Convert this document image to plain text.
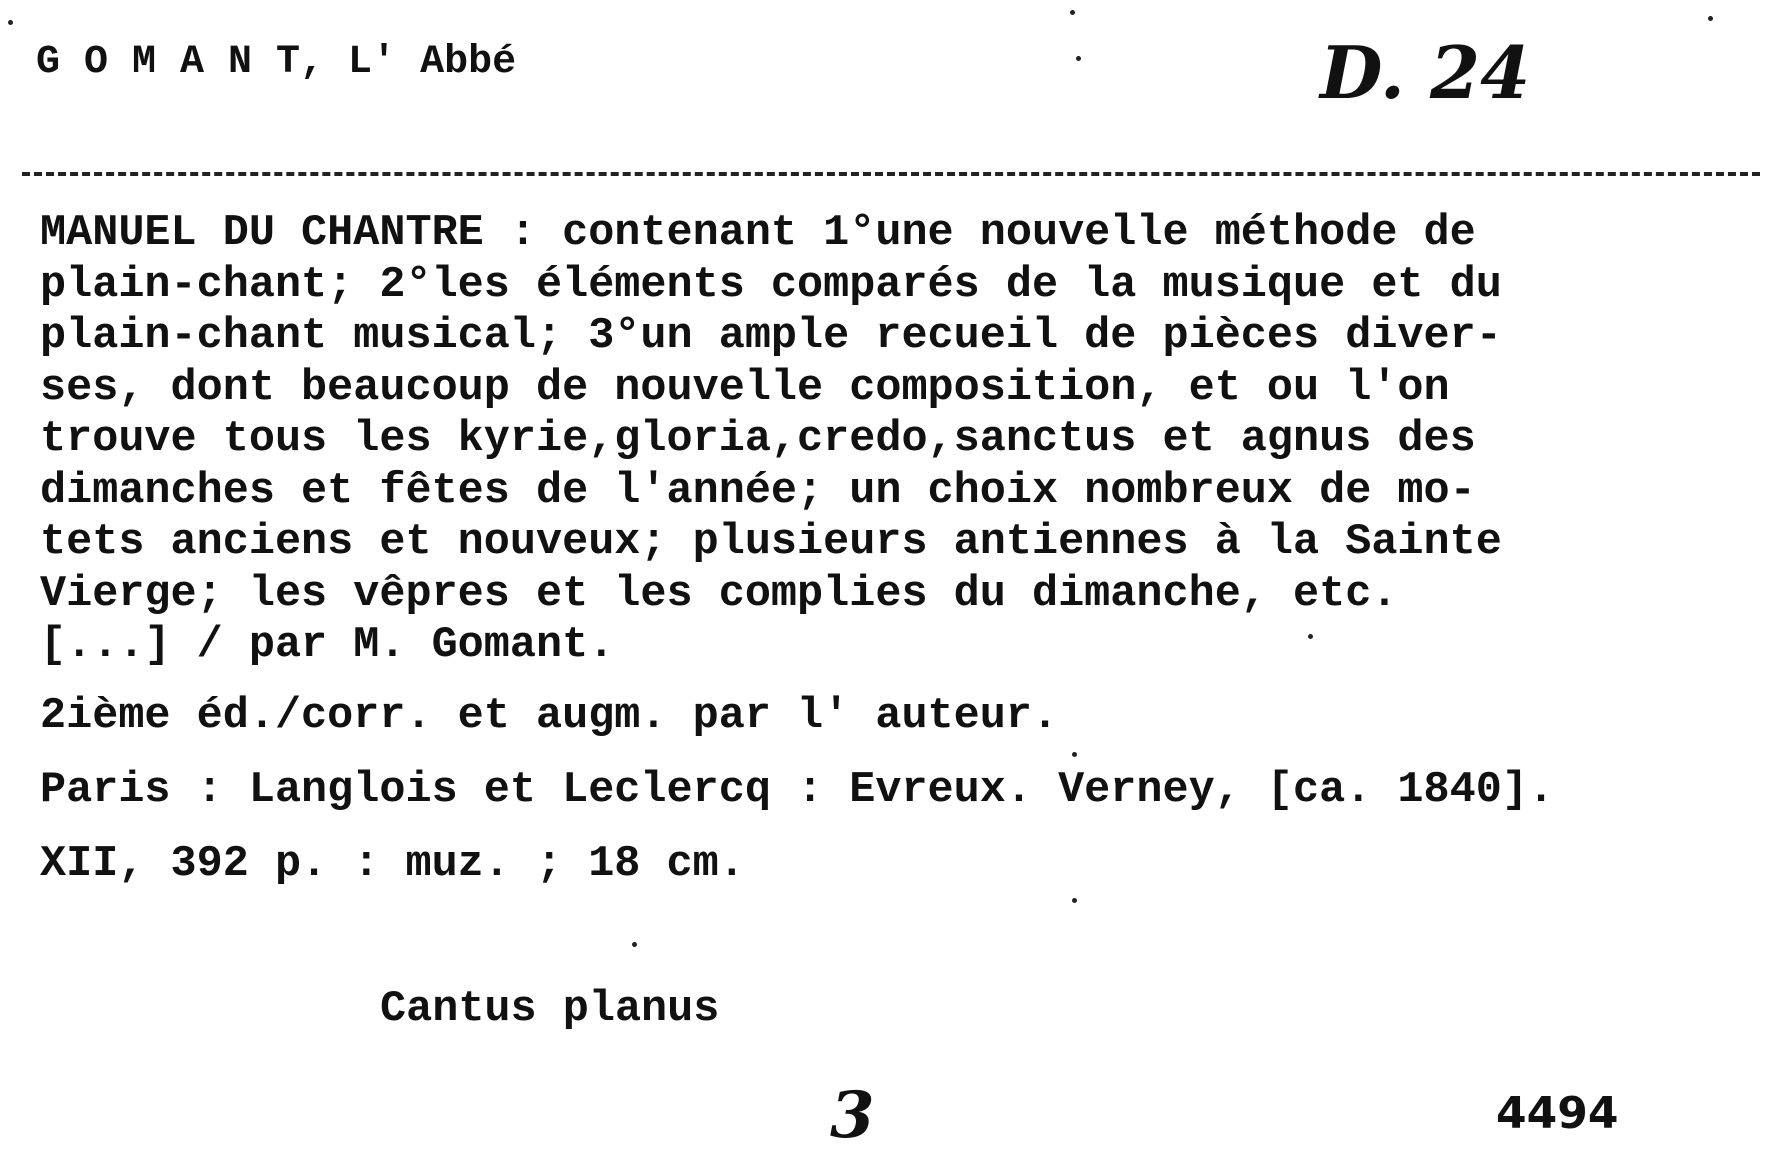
G O M A N T, L' Abbé	D. 24
MANUEL DU CHANTRE : contenant 1°une nouvelle méthode de
plain-chant; 2°les éléments comparés de la musique et du
plain-chant musical; 3°un ample recueil de pièces diver-
ses, dont beaucoup de nouvelle composition, et ou l'on
trouve tous les kyrie,gloria,credo,sanctus et agnus des
dimanches et fêtes de l'année; un choix nombreux de mo-
tets anciens et nouveux; plusieurs antiennes à la Sainte
Vierge; les vêpres et les complies du dimanche, etc.
[...] / par M. Gomant.
2ième éd./corr. et augm. par l' auteur.
Paris : Langlois et Leclercq : Evreux. Verney, [ca. 1840].
XII, 392 p. : muz. ; 18 cm.
Cantus planus
3	4494
